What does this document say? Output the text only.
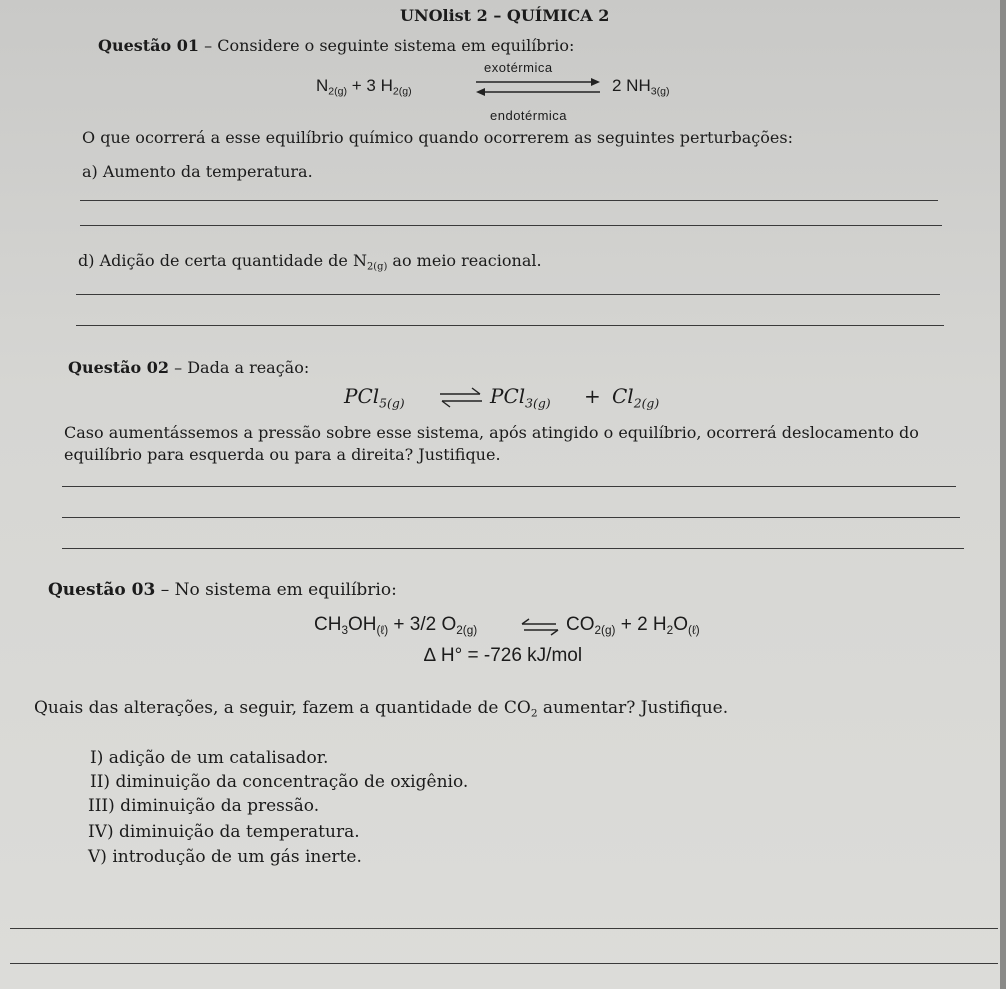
UNOlist 2 – QUÍMICA 2
Questão 01 – Considere o seguinte sistema em equilíbrio:
$N_{2(g)} + 3$ $H_{2(g)}$
exotérmica
endotérmica
2 $NH_{3(g)}$
O que ocorrerá a esse equilíbrio químico quando ocorrerem as seguintes perturbações:
a) Aumento da temperatura.
d) Adição de certa quantidade de $N_{2(g)}$ ao meio reacional.
Questão 02 – Dada a reação:
PCl$_{5(g)}$	$PCl_{3(g)} + Cl_{2(g)}$
Caso aumentássemos a pressão sobre esse sistema, após atingido o equilíbrio, ocorrerá deslocamento do
equilíbrio para esquerda ou para a direita? Justifique.
Questão 03 – No sistema em equilíbrio:
$CH_3OH_{(\ell)} + 3/2$ $O_{2(g)}$	$CO_{2(g)} + 2$ $H_2O_{(\ell)}$
∆ H° = -726 kJ/mol
Quais das alterações, a seguir, fazem a quantidade de $CO_2$ aumentar? Justifique.
I) adição de um catalisador.
II) diminuição da concentração de oxigênio.
III) diminuição da pressão.
IV) diminuição da temperatura.
V) introdução de um gás inerte.
